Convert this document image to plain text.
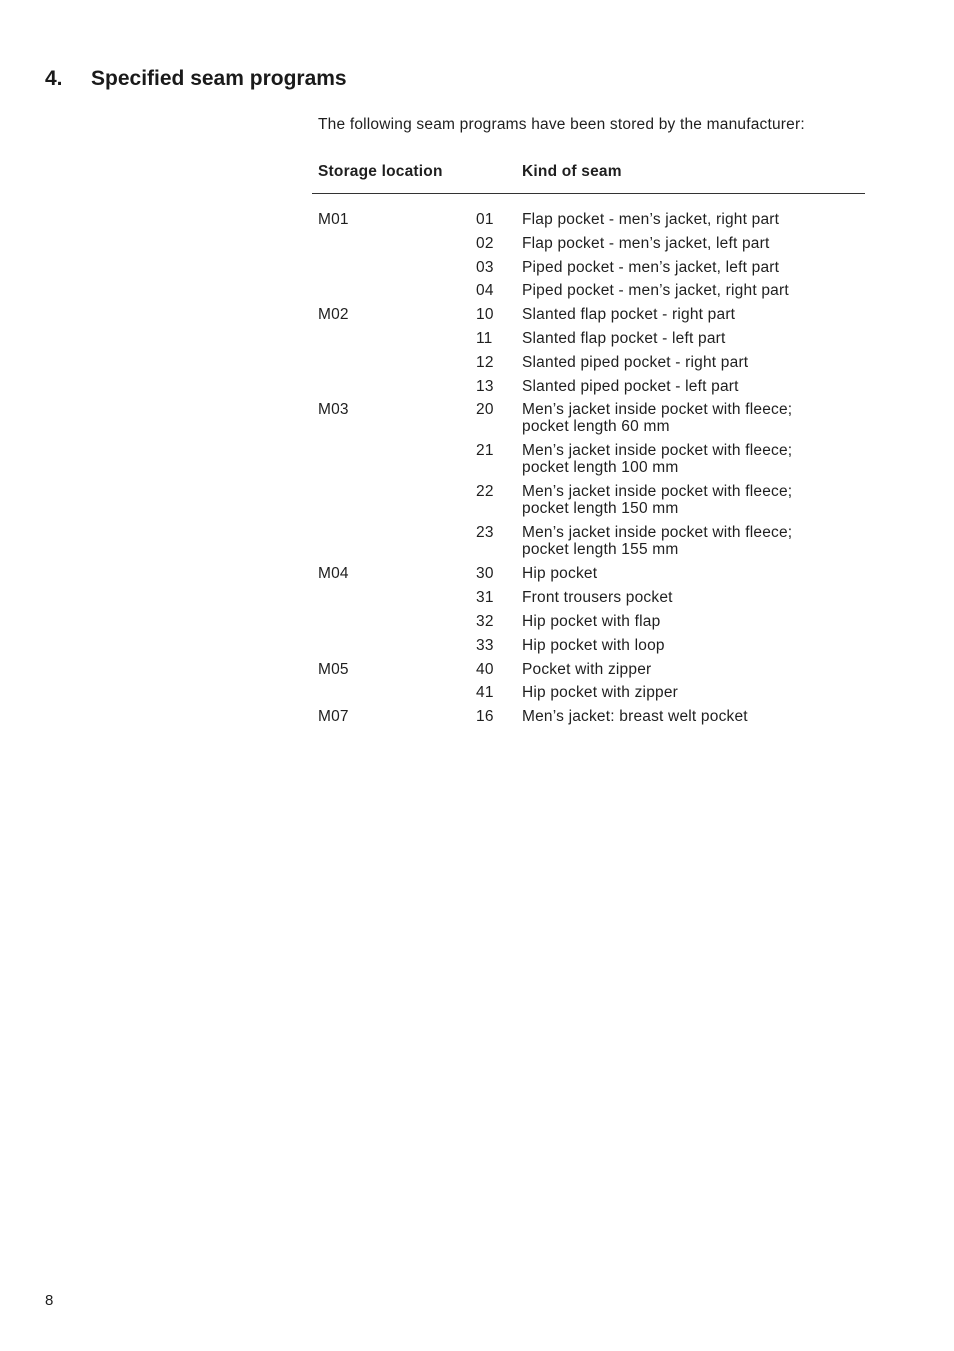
4. Specified seam programs
The following seam programs have been stored by the manufacturer:
Storage location	Kind of seam
M01	01 Flap pocket - men’s jacket, right part
02 Flap pocket - men’s jacket, left part
03 Piped pocket - men’s jacket, left part
04 Piped pocket - men’s jacket, right part
M02	10 Slanted flap pocket - right part
11 Slanted flap pocket - left part
12 Slanted piped pocket - right part
13 Slanted piped pocket - left part
M03	20 Men’s jacket inside pocket with fleece;
pocket length 60 mm
21 Men’s jacket inside pocket with fleece;
pocket length 100 mm
22 Men’s jacket inside pocket with fleece;
pocket length 150 mm
23 Men’s jacket inside pocket with fleece;
pocket length 155 mm
M04	30 Hip pocket
31 Front trousers pocket
32 Hip pocket with flap
33 Hip pocket with loop
M05	40 Pocket with zipper
41 Hip pocket with zipper
M07	16 Men’s jacket: breast welt pocket
8
